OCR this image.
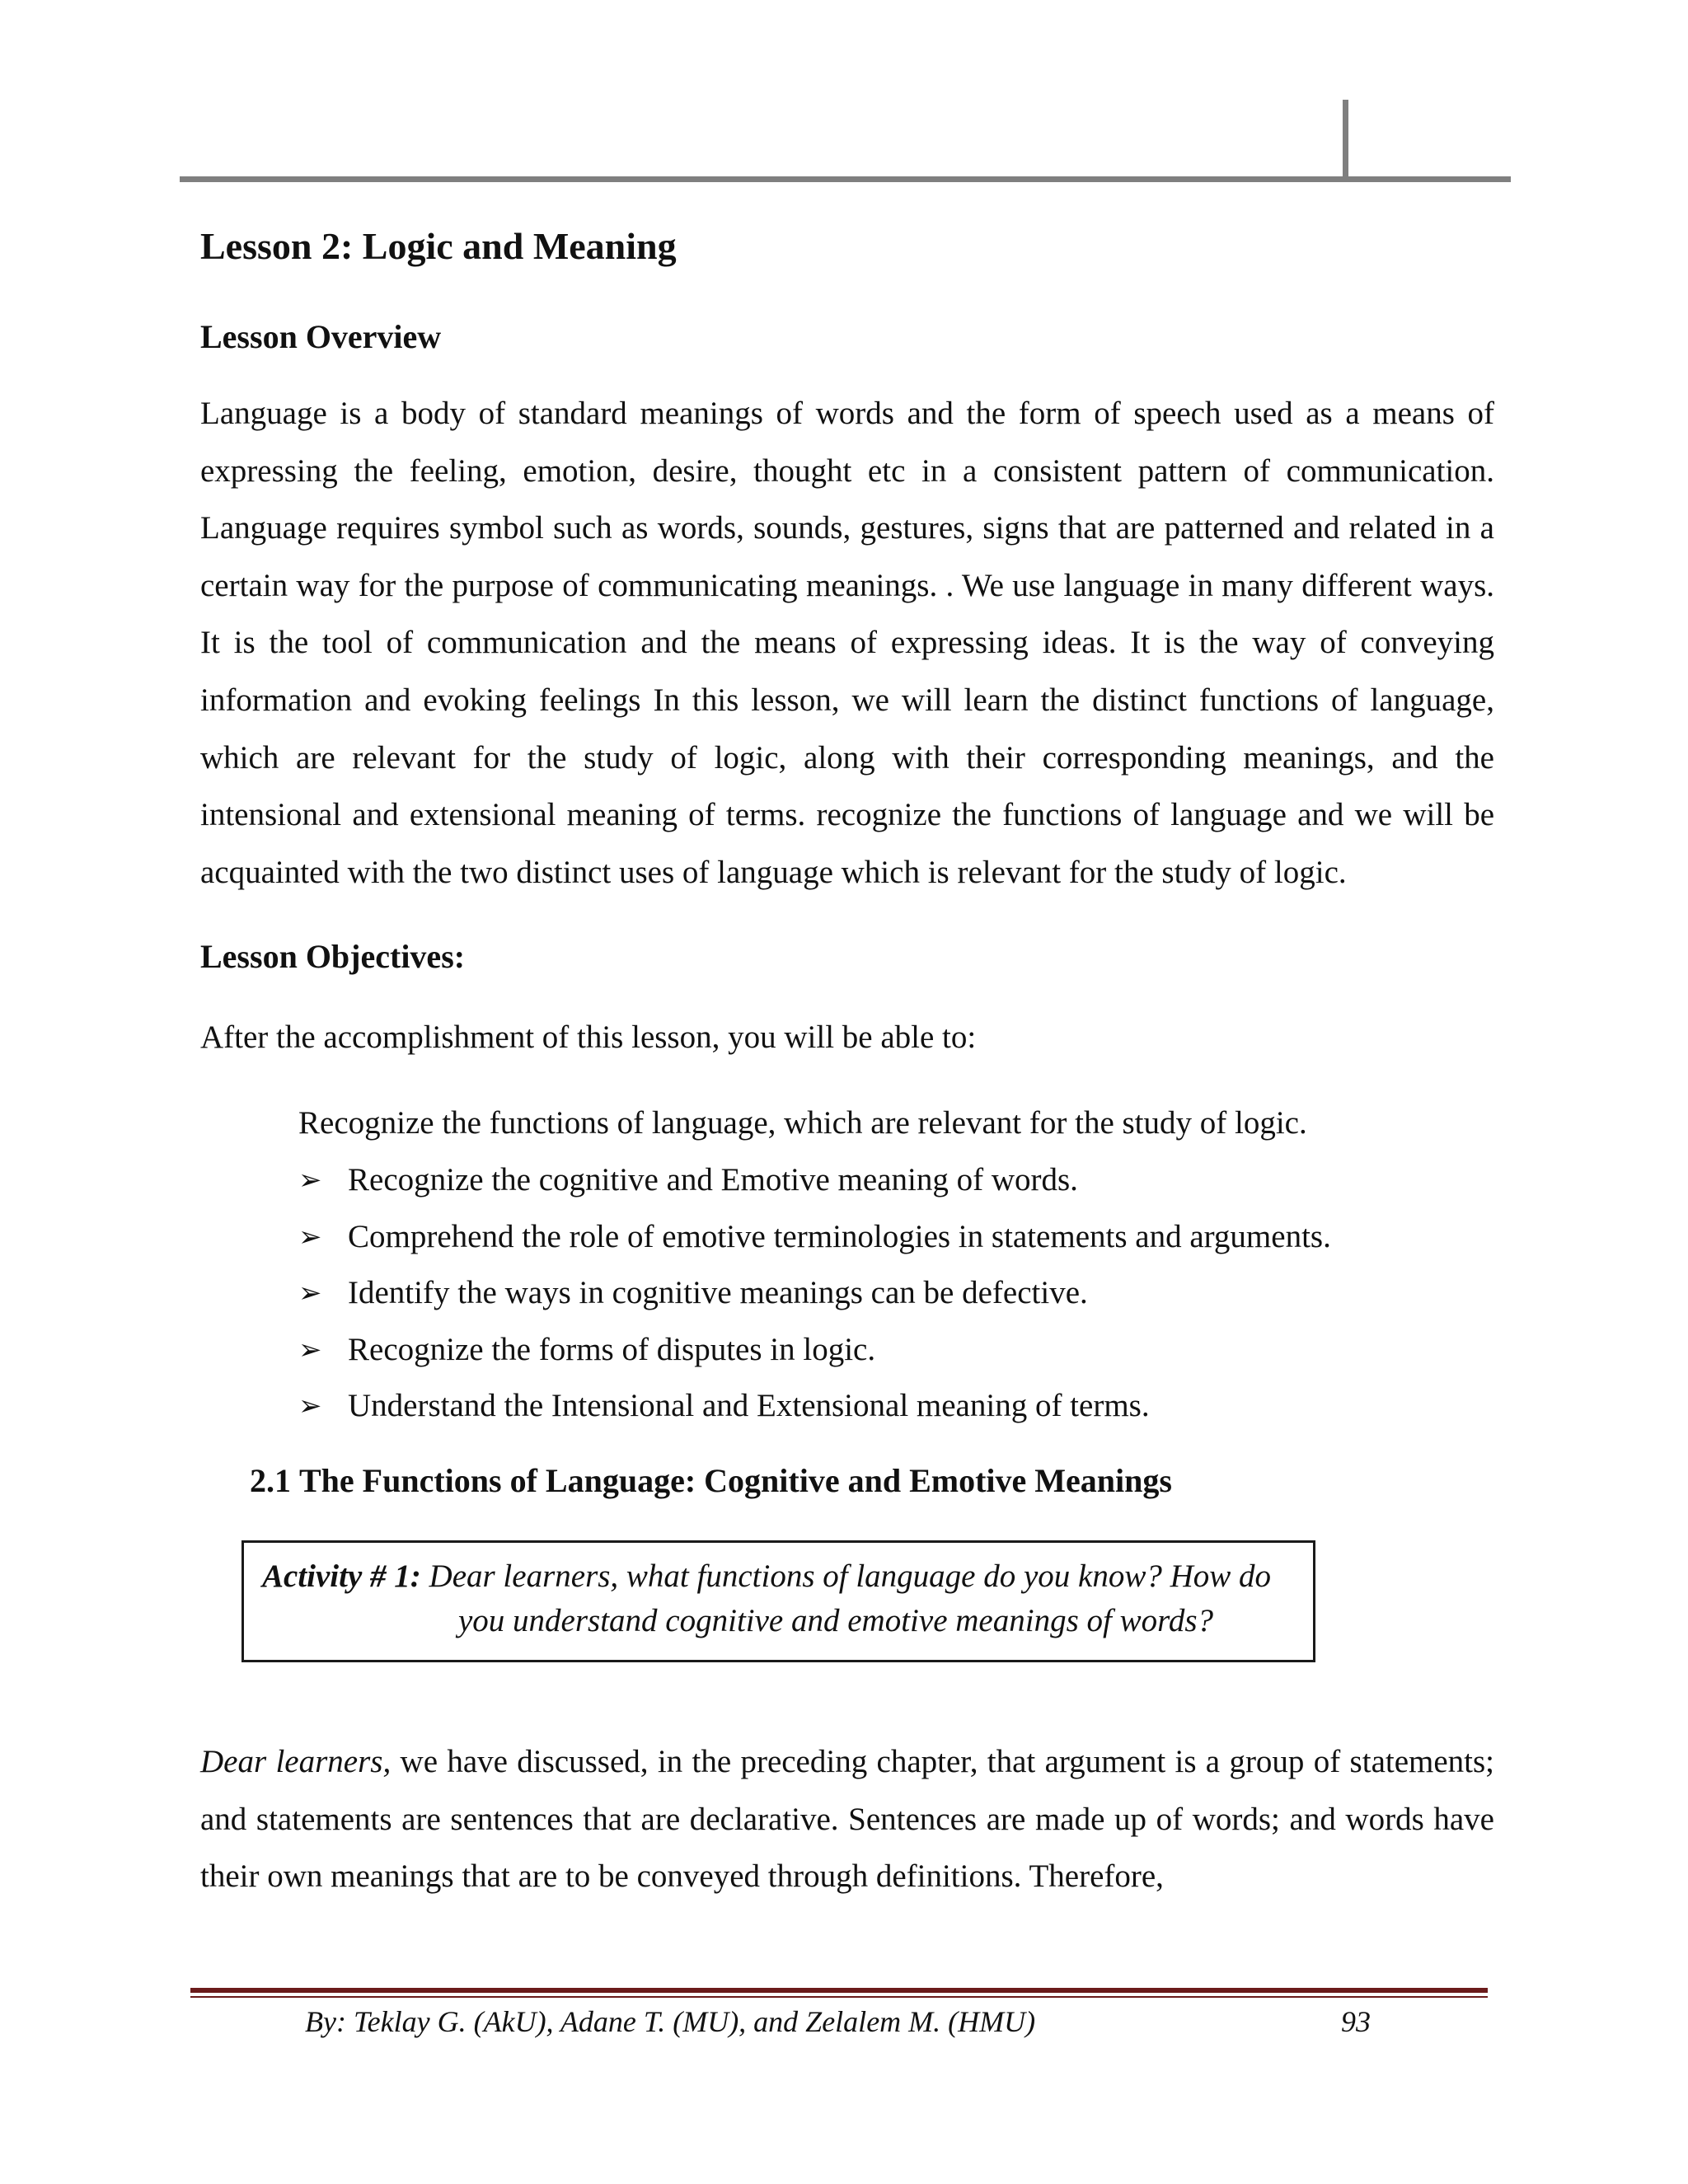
Lesson 2: Logic and Meaning
Lesson Overview

Language is a body of standard meanings of words and the form of speech used as a means of expressing the feeling, emotion, desire, thought etc in a consistent pattern of communication. Language requires symbol such as words, sounds, gestures, signs that are patterned and related in a certain way for the purpose of communicating meanings. . We use language in many different ways. It is the tool of communication and the means of expressing ideas. It is the way of conveying information and evoking feelings In this lesson, we will learn the distinct functions of language, which are relevant for the study of logic, along with their corresponding meanings, and the intensional and extensional meaning of terms. recognize the functions of language and we will be acquainted with the two distinct uses of language which is relevant for the study of logic.

Lesson Objectives:

After the accomplishment of this lesson, you will be able to:

Recognize the functions of language, which are relevant for the study of logic.
➢ Recognize the cognitive and Emotive meaning of words.
➢ Comprehend the role of emotive terminologies in statements and arguments.
➢ Identify the ways in cognitive meanings can be defective.
➢ Recognize the forms of disputes in logic.
➢ Understand the Intensional and Extensional meaning of terms.
2.1 The Functions of Language: Cognitive and Emotive Meanings
Activity # 1: Dear learners, what functions of language do you know? How do
you understand cognitive and emotive meanings of words?

Dear learners, we have discussed, in the preceding chapter, that argument is a group of statements; and statements are sentences that are declarative. Sentences are made up of words; and words have their own meanings that are to be conveyed through definitions. Therefore,

By: Teklay G. (AkU), Adane T. (MU), and Zelalem M. (HMU)	93
